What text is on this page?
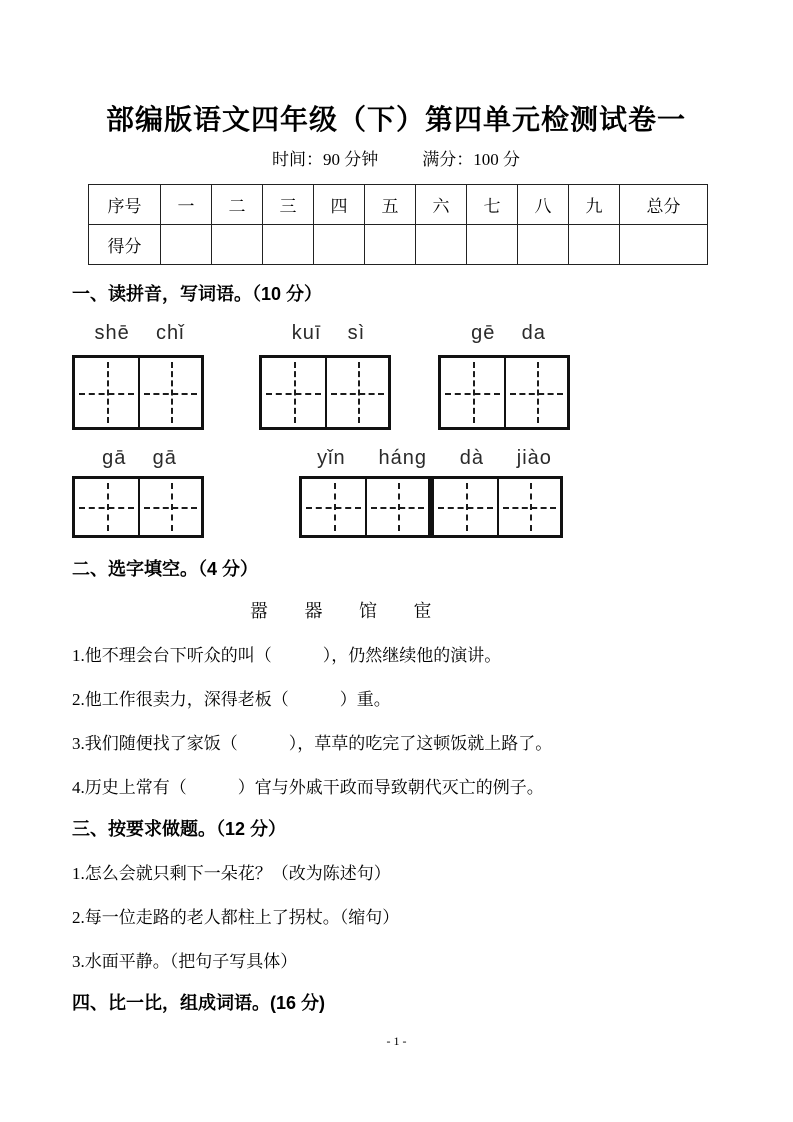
部编版语文四年级（下）第四单元检测试卷一
时间：90 分钟	满分：100 分
序号	一	二	三	四	五	六	七	八	九	总分
得分										
一、读拼音，写词语。（10 分）
shē    chǐ	kuī    sì	gē    da
gā    gā	yǐn     háng     dà     jiào
二、选字填空。（4 分）
嚣 器 馆 宦
1.他不理会台下听众的叫（　　　），仍然继续他的演讲。
2.他工作很卖力，深得老板（　　　）重。
3.我们随便找了家饭（　　　），草草的吃完了这顿饭就上路了。
4.历史上常有（　　　）官与外戚干政而导致朝代灭亡的例子。
三、按要求做题。（12 分）
1.怎么会就只剩下一朵花？（改为陈述句）
2.每一位走路的老人都柱上了拐杖。（缩句）
3.水面平静。（把句子写具体）
四、比一比，组成词语。(16 分)
- 1 -
